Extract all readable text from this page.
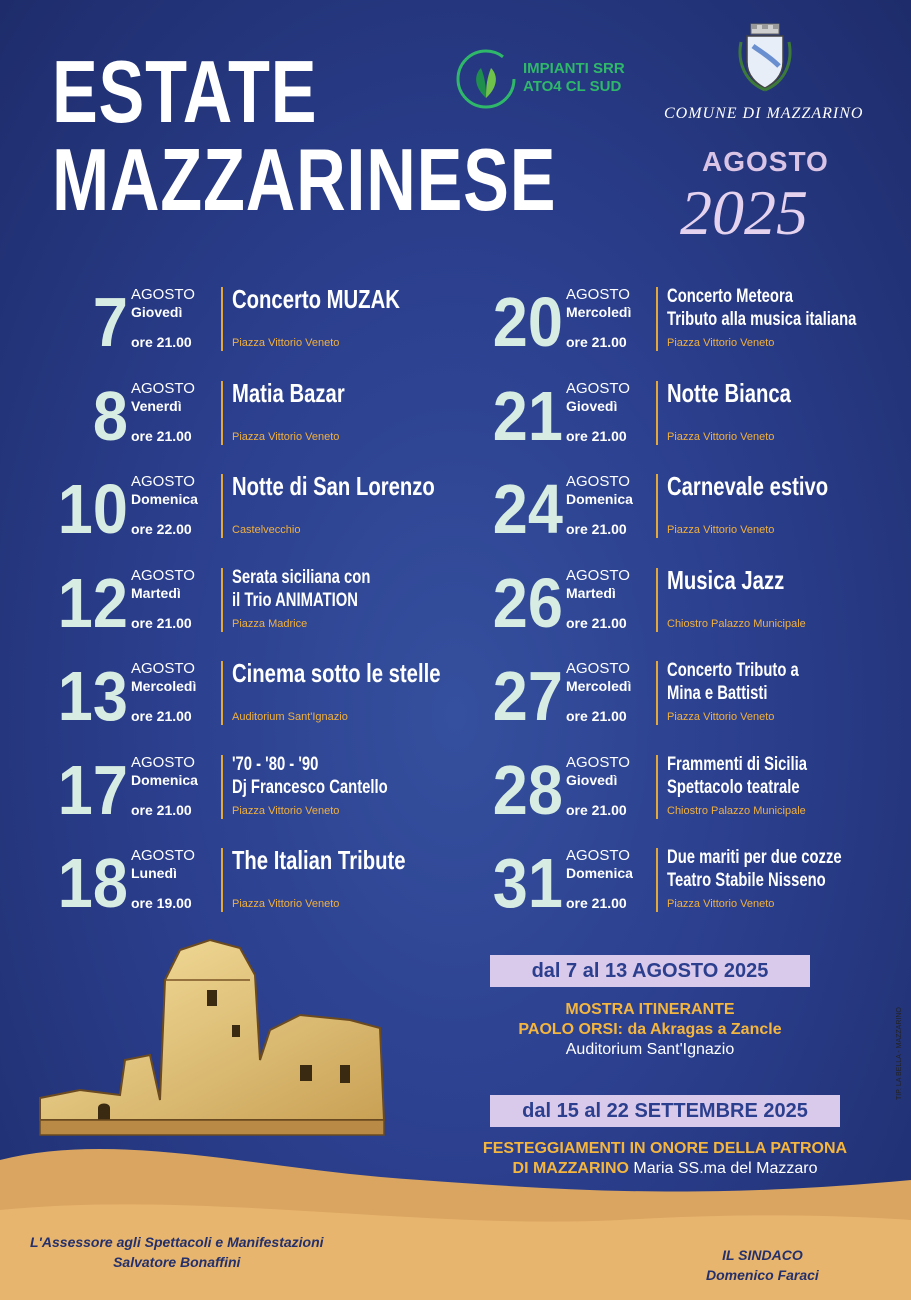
ESTATE
MAZZARINESE
IMPIANTI SRR
ATO4 CL SUD
COMUNE DI MAZZARINO
AGOSTO
2025
7 AGOSTO
Giovedì
ore 21.00
Concerto MUZAK
Piazza Vittorio Veneto
8 AGOSTO
Venerdì
ore 21.00
Matia Bazar
Piazza Vittorio Veneto
10 AGOSTO
Domenica
ore 22.00
Notte di San Lorenzo
Castelvecchio
12 AGOSTO
Martedì
ore 21.00
Serata siciliana con
il Trio ANIMATION
Piazza Madrice
13 AGOSTO
Mercoledì
ore 21.00
Cinema sotto le stelle
Auditorium Sant'Ignazio
17 AGOSTO
Domenica
ore 21.00
'70 - '80 - '90
Dj Francesco Cantello
Piazza Vittorio Veneto
18 AGOSTO
Lunedì
ore 19.00
The Italian Tribute
Piazza Vittorio Veneto
20 AGOSTO
Mercoledì
ore 21.00
Concerto Meteora
Tributo alla musica italiana
Piazza Vittorio Veneto
21 AGOSTO
Giovedì
ore 21.00
Notte Bianca
Piazza Vittorio Veneto
24 AGOSTO
Domenica
ore 21.00
Carnevale estivo
Piazza Vittorio Veneto
26 AGOSTO
Martedì
ore 21.00
Musica Jazz
Chiostro Palazzo Municipale
27 AGOSTO
Mercoledì
ore 21.00
Concerto Tributo a
Mina e Battisti
Piazza Vittorio Veneto
28 AGOSTO
Giovedì
ore 21.00
Frammenti di Sicilia
Spettacolo teatrale
Chiostro Palazzo Municipale
31 AGOSTO
Domenica
ore 21.00
Due mariti per due cozze
Teatro Stabile Nisseno
Piazza Vittorio Veneto
dal 7 al 13 AGOSTO 2025
MOSTRA ITINERANTE
PAOLO ORSI: da Akragas a Zancle
Auditorium Sant'Ignazio
dal 15 al 22 SETTEMBRE 2025
FESTEGGIAMENTI IN ONORE DELLA PATRONA
DI MAZZARINO Maria SS.ma del Mazzaro
L'Assessore agli Spettacoli e Manifestazioni
Salvatore Bonaffini	IL SINDACO
Domenico Faraci
TIP. LA BELLA - MAZZARINO
